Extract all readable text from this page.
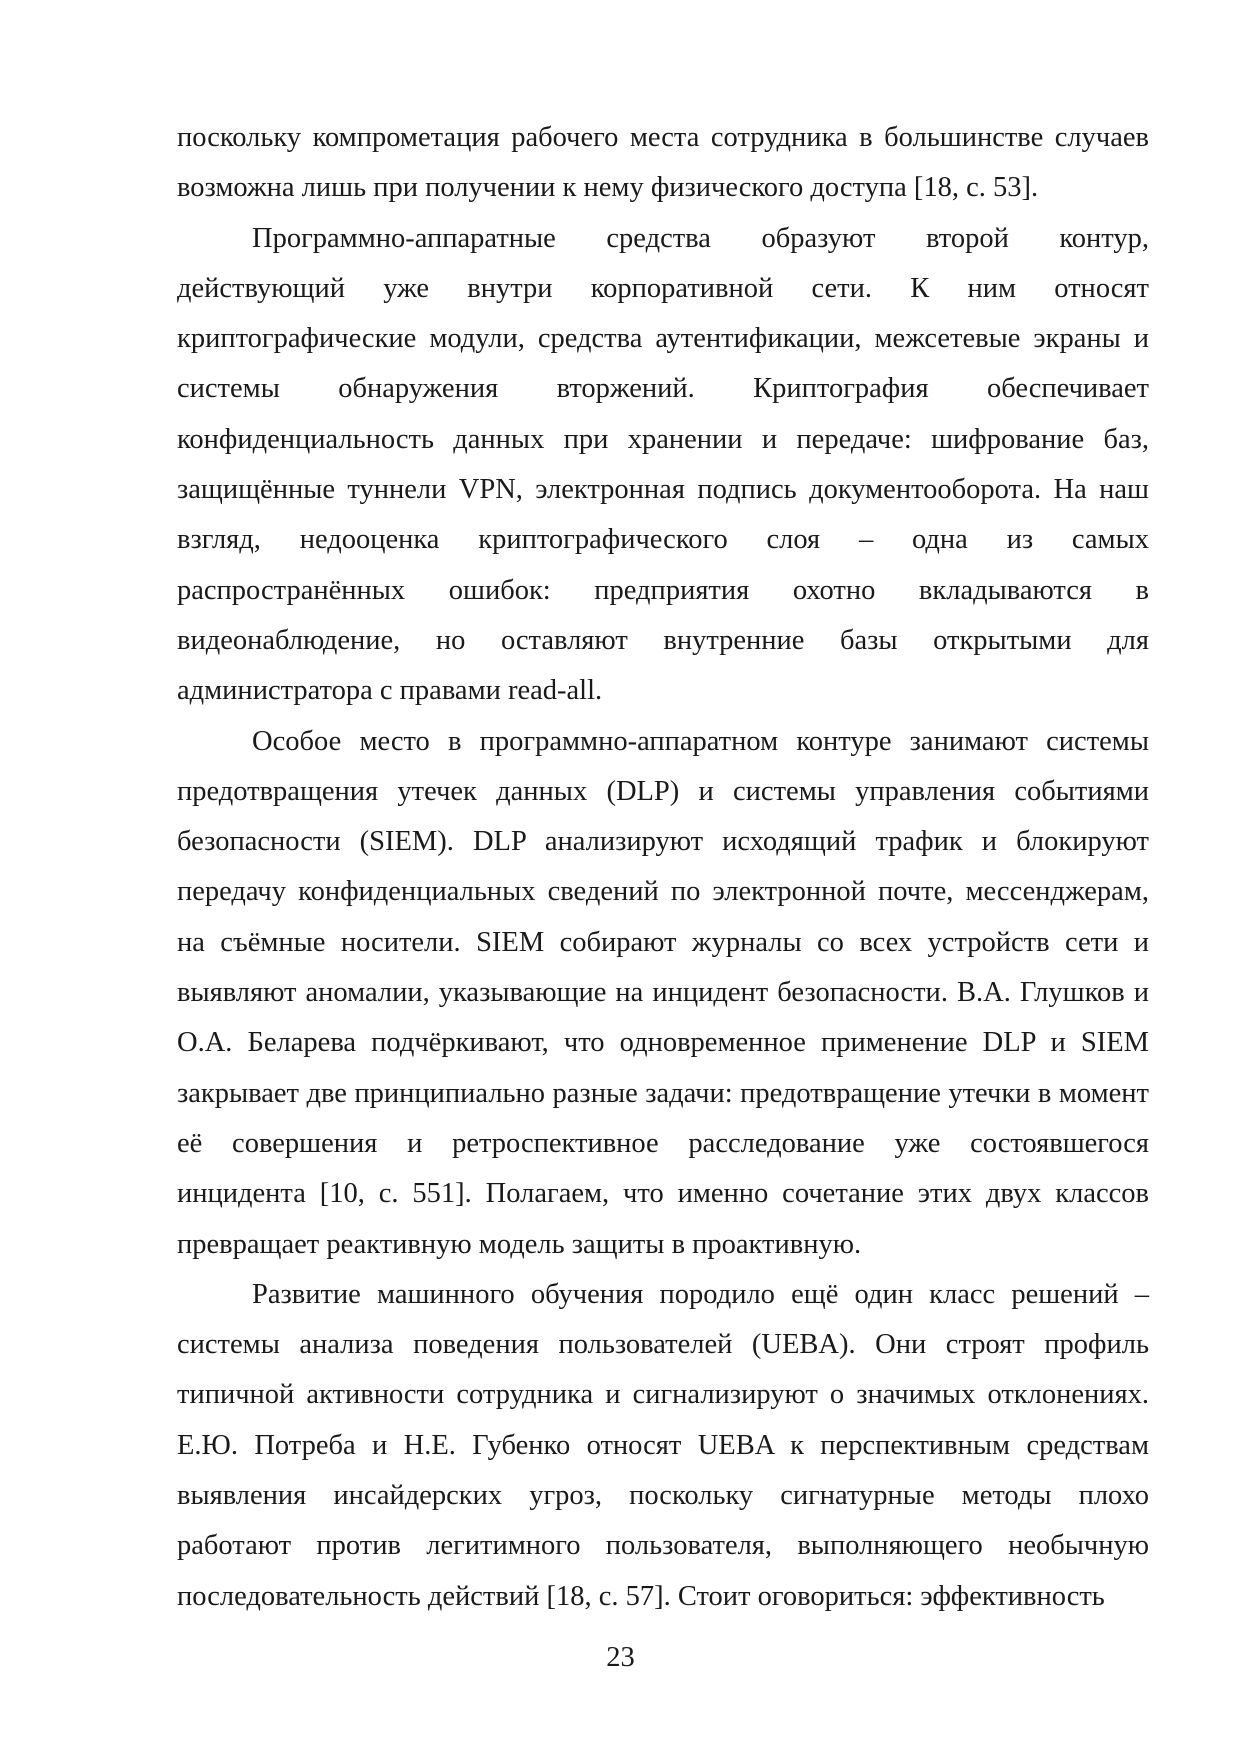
поскольку компрометация рабочего места сотрудника в большинстве случаев возможна лишь при получении к нему физического доступа [18, с. 53].

Программно-аппаратные средства образуют второй контур, действующий уже внутри корпоративной сети. К ним относят криптографические модули, средства аутентификации, межсетевые экраны и системы обнаружения вторжений. Криптография обеспечивает конфиденциальность данных при хранении и передаче: шифрование баз, защищённые туннели VPN, электронная подпись документооборота. На наш взгляд, недооценка криптографического слоя – одна из самых распространённых ошибок: предприятия охотно вкладываются в видеонаблюдение, но оставляют внутренние базы открытыми для администратора с правами read-all.

Особое место в программно-аппаратном контуре занимают системы предотвращения утечек данных (DLP) и системы управления событиями безопасности (SIEM). DLP анализируют исходящий трафик и блокируют передачу конфиденциальных сведений по электронной почте, мессенджерам, на съёмные носители. SIEM собирают журналы со всех устройств сети и выявляют аномалии, указывающие на инцидент безопасности. В.А. Глушков и О.А. Беларева подчёркивают, что одновременное применение DLP и SIEM закрывает две принципиально разные задачи: предотвращение утечки в момент её совершения и ретроспективное расследование уже состоявшегося инцидента [10, с. 551]. Полагаем, что именно сочетание этих двух классов превращает реактивную модель защиты в проактивную.

Развитие машинного обучения породило ещё один класс решений – системы анализа поведения пользователей (UEBA). Они строят профиль типичной активности сотрудника и сигнализируют о значимых отклонениях. Е.Ю. Потреба и Н.Е. Губенко относят UEBA к перспективным средствам выявления инсайдерских угроз, поскольку сигнатурные методы плохо работают против легитимного пользователя, выполняющего необычную последовательность действий [18, с. 57]. Стоит оговориться: эффективность

23
